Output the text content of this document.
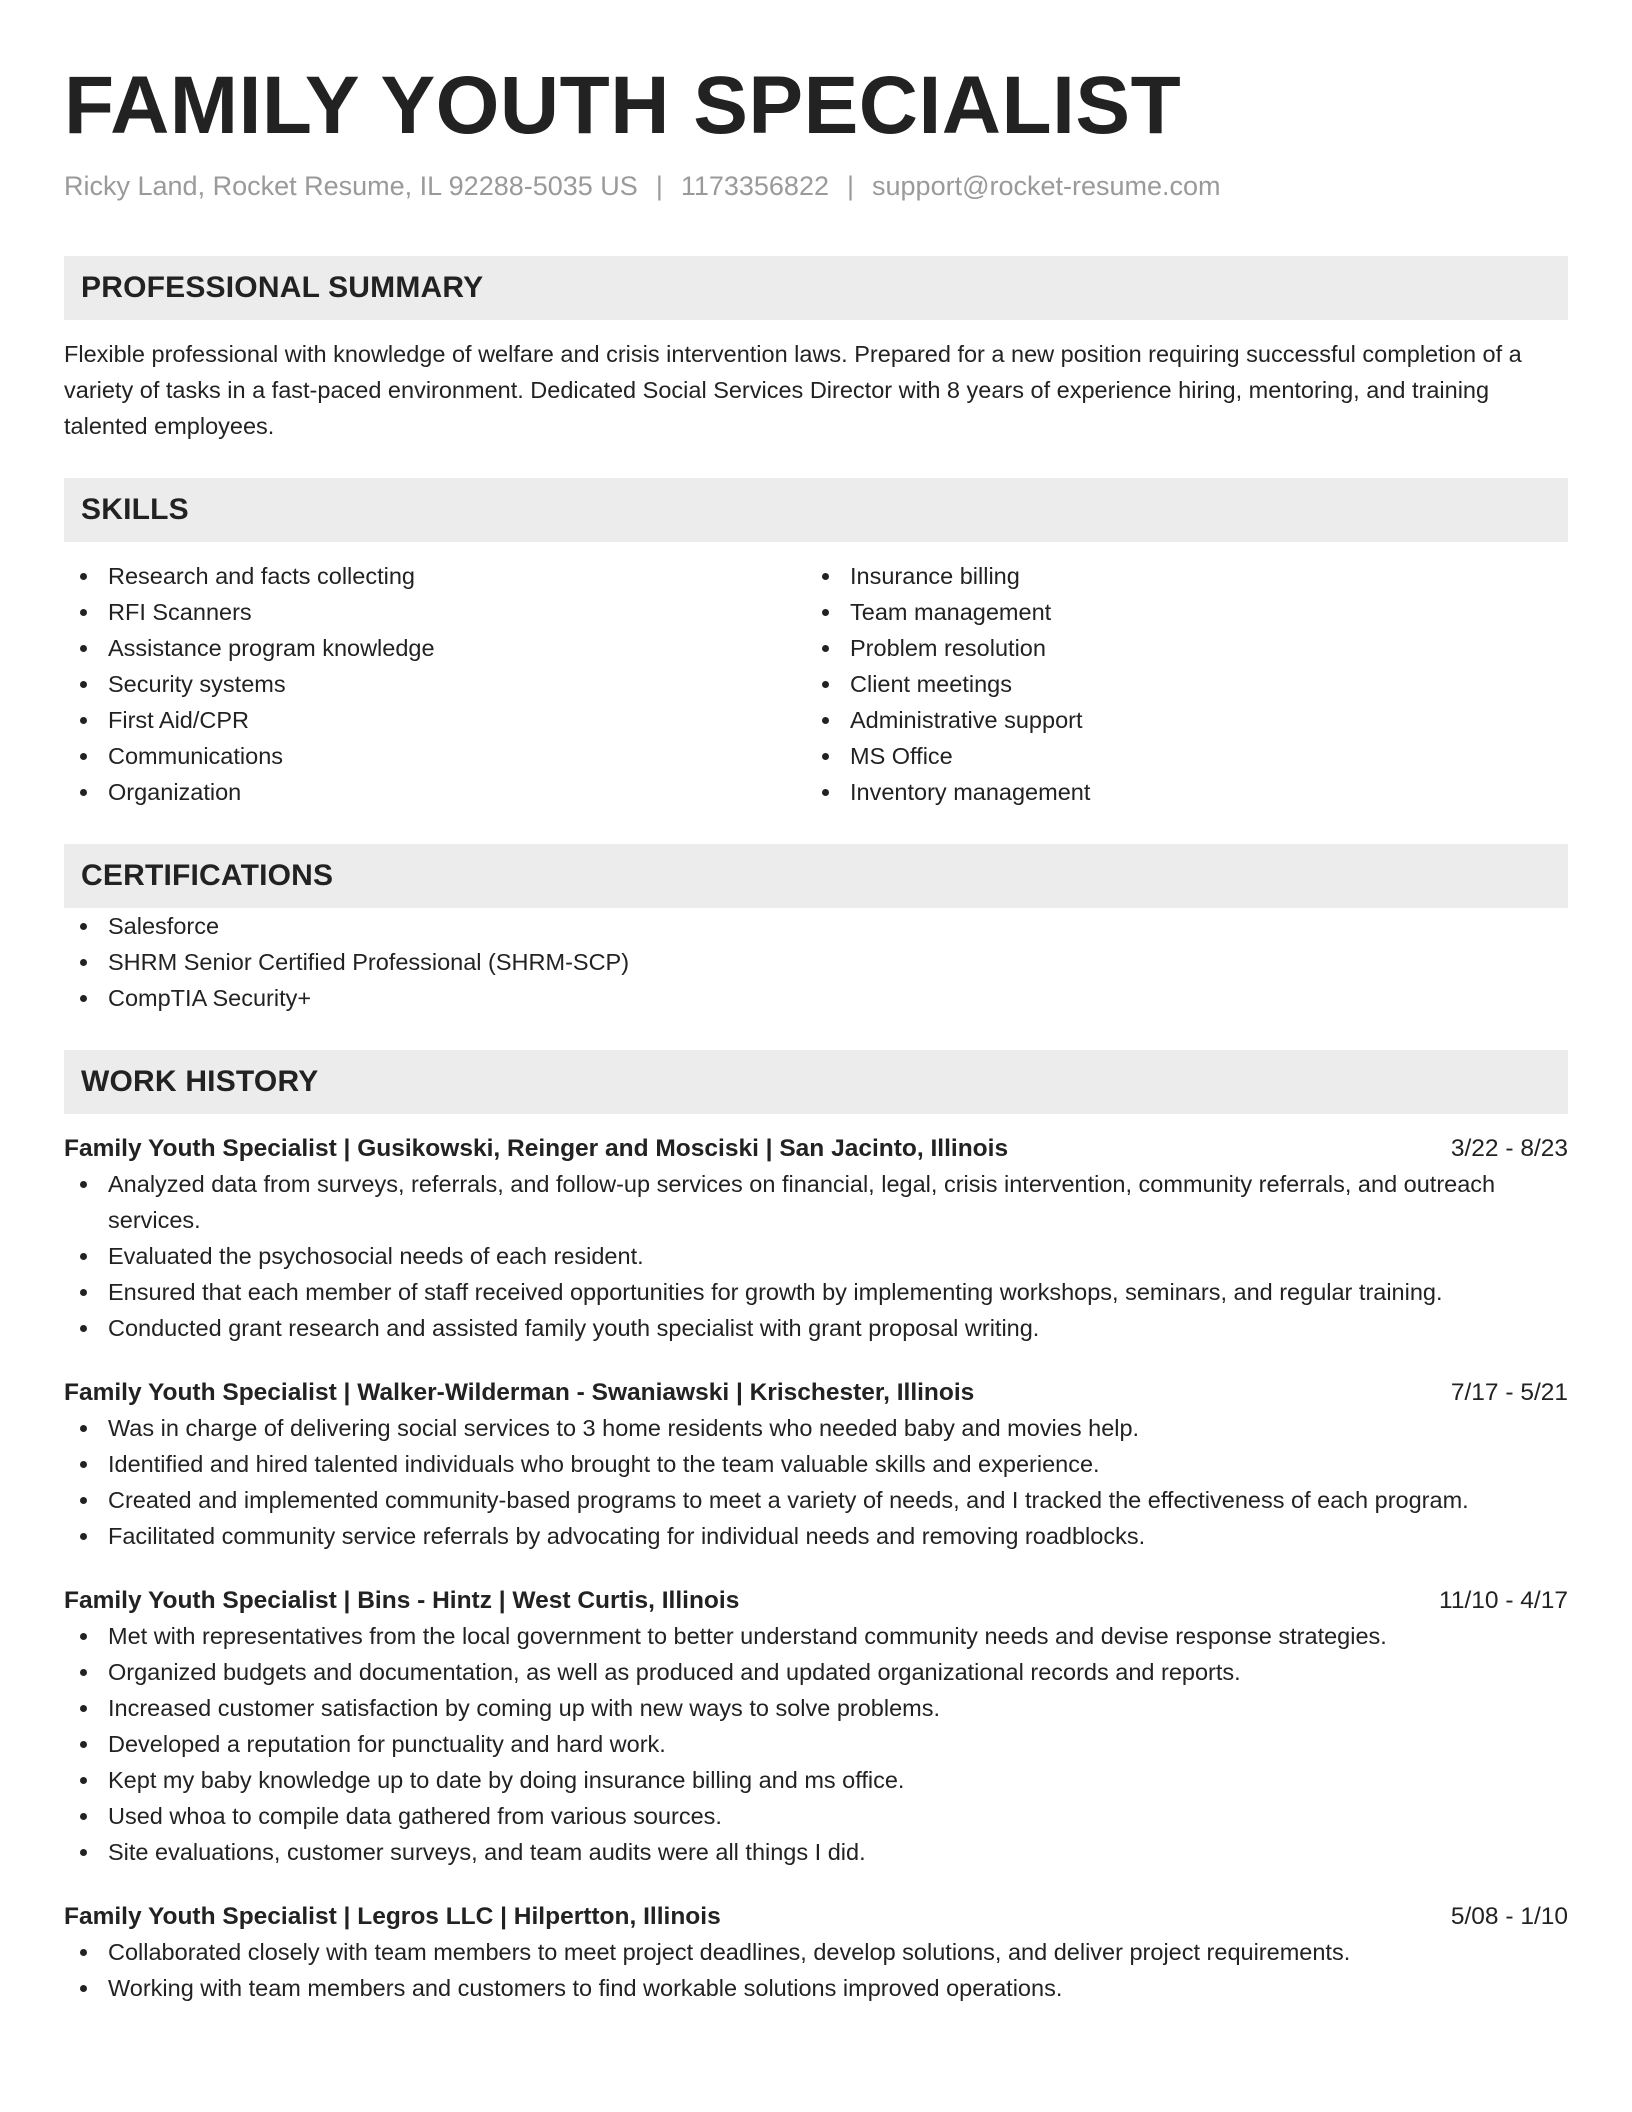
FAMILY YOUTH SPECIALIST
Ricky Land, Rocket Resume, IL 92288-5035 US | 1173356822 | support@rocket-resume.com
PROFESSIONAL SUMMARY
Flexible professional with knowledge of welfare and crisis intervention laws. Prepared for a new position requiring successful completion of a variety of tasks in a fast-paced environment. Dedicated Social Services Director with 8 years of experience hiring, mentoring, and training talented employees.
SKILLS
Research and facts collecting
RFI Scanners
Assistance program knowledge
Security systems
First Aid/CPR
Communications
Organization
Insurance billing
Team management
Problem resolution
Client meetings
Administrative support
MS Office
Inventory management
CERTIFICATIONS
Salesforce
SHRM Senior Certified Professional (SHRM-SCP)
CompTIA Security+
WORK HISTORY
Family Youth Specialist | Gusikowski, Reinger and Mosciski | San Jacinto, Illinois	3/22 - 8/23
Analyzed data from surveys, referrals, and follow-up services on financial, legal, crisis intervention, community referrals, and outreach services.
Evaluated the psychosocial needs of each resident.
Ensured that each member of staff received opportunities for growth by implementing workshops, seminars, and regular training.
Conducted grant research and assisted family youth specialist with grant proposal writing.
Family Youth Specialist | Walker-Wilderman - Swaniawski | Krischester, Illinois	7/17 - 5/21
Was in charge of delivering social services to 3 home residents who needed baby and movies help.
Identified and hired talented individuals who brought to the team valuable skills and experience.
Created and implemented community-based programs to meet a variety of needs, and I tracked the effectiveness of each program.
Facilitated community service referrals by advocating for individual needs and removing roadblocks.
Family Youth Specialist | Bins - Hintz | West Curtis, Illinois	11/10 - 4/17
Met with representatives from the local government to better understand community needs and devise response strategies.
Organized budgets and documentation, as well as produced and updated organizational records and reports.
Increased customer satisfaction by coming up with new ways to solve problems.
Developed a reputation for punctuality and hard work.
Kept my baby knowledge up to date by doing insurance billing and ms office.
Used whoa to compile data gathered from various sources.
Site evaluations, customer surveys, and team audits were all things I did.
Family Youth Specialist | Legros LLC | Hilpertton, Illinois	5/08 - 1/10
Collaborated closely with team members to meet project deadlines, develop solutions, and deliver project requirements.
Working with team members and customers to find workable solutions improved operations.
